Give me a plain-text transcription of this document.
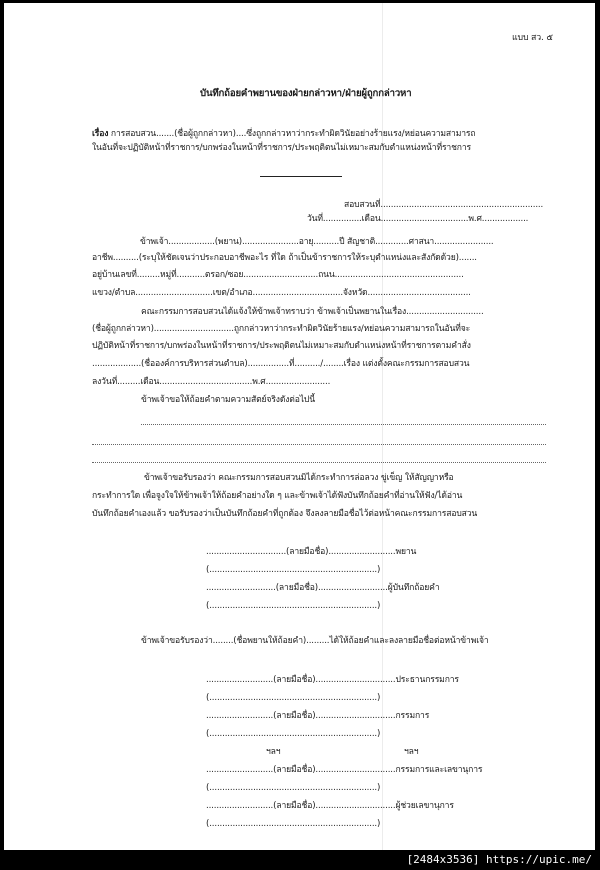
แบบ สว. ๕
บันทึกถ้อยคำพยานของฝ่ายกล่าวหา/ฝ่ายผู้ถูกกล่าวหา
เรื่อง การสอบสวน.......(ชื่อผู้ถูกกล่าวหา)....ซึ่งถูกกล่าวหาว่ากระทำผิดวินัยอย่างร้ายแรง/หย่อนความสามารถ
ในอันที่จะปฏิบัติหน้าที่ราชการ/บกพร่องในหน้าที่ราชการ/ประพฤติตนไม่เหมาะสมกับตำแหน่งหน้าที่ราชการ
สอบสวนที่...............................................................
วันที่...............เดือน..................................พ.ศ..................
ข้าพเจ้า..................(พยาน)......................อายุ..........ปี สัญชาติ.............ศาสนา.......................
อาชีพ..........(ระบุให้ชัดเจนว่าประกอบอาชีพอะไร ที่ใด ถ้าเป็นข้าราชการให้ระบุตำแหน่งและสังกัดด้วย).......
อยู่บ้านเลขที่.........หมู่ที่...........ตรอก/ซอย.............................ถนน..................................................
แขวง/ตำบล..............................เขต/อำเภอ...................................จังหวัด........................................
คณะกรรมการสอบสวนได้แจ้งให้ข้าพเจ้าทราบว่า ข้าพเจ้าเป็นพยานในเรื่อง..............................
(ชื่อผู้ถูกกล่าวหา)...............................ถูกกล่าวหาว่ากระทำผิดวินัยร้ายแรง/หย่อนความสามารถในอันที่จะ
ปฏิบัติหน้าที่ราชการ/บกพร่องในหน้าที่ราชการ/ประพฤติตนไม่เหมาะสมกับตำแหน่งหน้าที่ราชการตามคำสั่ง
...................(ชื่อองค์การบริหารส่วนตำบล)................ที่........../........เรื่อง แต่งตั้งคณะกรรมการสอบสวน
ลงวันที่.........เดือน....................................พ.ศ.........................
ข้าพเจ้าขอให้ถ้อยคำตามความสัตย์จริงดังต่อไปนี้
ข้าพเจ้าขอรับรองว่า คณะกรรมการสอบสวนมิได้กระทำการล่อลวง ขู่เข็ญ ให้สัญญาหรือ
กระทำการใด เพื่อจูงใจให้ข้าพเจ้าให้ถ้อยคำอย่างใด ๆ และข้าพเจ้าได้ฟังบันทึกถ้อยคำที่อ่านให้ฟัง/ได้อ่าน
บันทึกถ้อยคำเองแล้ว ขอรับรองว่าเป็นบันทึกถ้อยคำที่ถูกต้อง จึงลงลายมือชื่อไว้ต่อหน้าคณะกรรมการสอบสวน
...............................(ลายมือชื่อ)..........................พยาน
(.................................................................)
...........................(ลายมือชื่อ)...........................ผู้บันทึกถ้อยคำ
(.................................................................)
ข้าพเจ้าขอรับรองว่า........(ชื่อพยานให้ถ้อยคำ).........ได้ให้ถ้อยคำและลงลายมือชื่อต่อหน้าข้าพเจ้า
..........................(ลายมือชื่อ)...............................ประธานกรรมการ
(.................................................................)
..........................(ลายมือชื่อ)...............................กรรมการ
(.................................................................)
ฯลฯ	ฯลฯ
..........................(ลายมือชื่อ)...............................กรรมการและเลขานุการ
(.................................................................)
..........................(ลายมือชื่อ)...............................ผู้ช่วยเลขานุการ
(.................................................................)
[2484x3536] https://upic.me/
